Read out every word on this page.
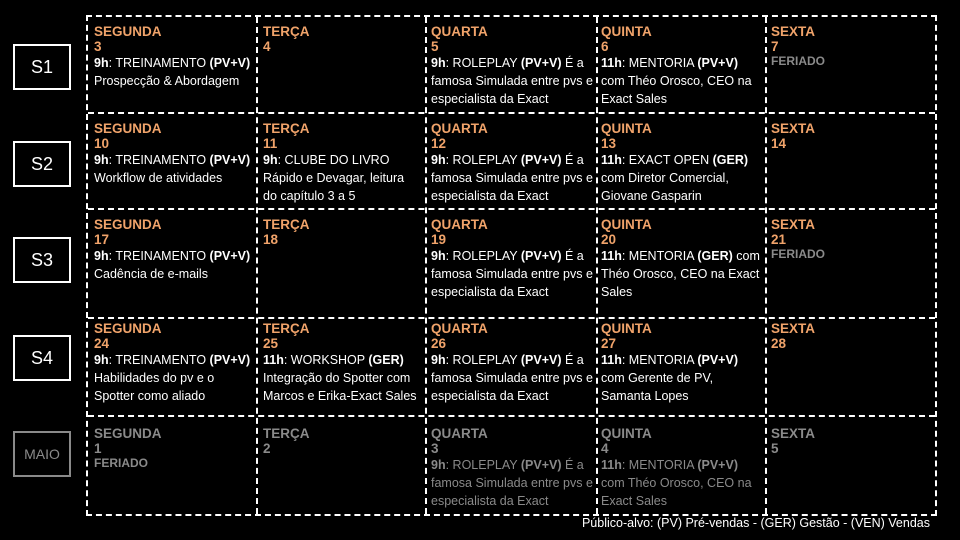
S1
S2
S3
S4
MAIO
SEGUNDA
3
9h: TREINAMENTO (PV+V)
Prospecção & Abordagem
TERÇA
4
QUARTA
5
9h: ROLEPLAY (PV+V) É a
famosa Simulada entre pvs e
especialista da Exact
QUINTA
6
11h: MENTORIA (PV+V)
com Théo Orosco, CEO na
Exact Sales
SEXTA
7
FERIADO
SEGUNDA
10
9h: TREINAMENTO (PV+V)
Workflow de atividades
TERÇA
11
9h: CLUBE DO LIVRO
Rápido e Devagar, leitura
do capítulo 3 a 5
QUARTA
12
9h: ROLEPLAY (PV+V) É a
famosa Simulada entre pvs e
especialista da Exact
QUINTA
13
11h: EXACT OPEN (GER)
com Diretor Comercial,
Giovane Gasparin
SEXTA
14
SEGUNDA
17
9h: TREINAMENTO (PV+V)
Cadência de e-mails
TERÇA
18
QUARTA
19
9h: ROLEPLAY (PV+V) É a
famosa Simulada entre pvs e
especialista da Exact
QUINTA
20
11h: MENTORIA (GER) com
Théo Orosco, CEO na Exact
Sales
SEXTA
21
FERIADO
SEGUNDA
24
9h: TREINAMENTO (PV+V)
Habilidades do pv e o
Spotter como aliado
TERÇA
25
11h: WORKSHOP (GER)
Integração do Spotter com
Marcos e Erika-Exact Sales
QUARTA
26
9h: ROLEPLAY (PV+V) É a
famosa Simulada entre pvs e
especialista da Exact
QUINTA
27
11h: MENTORIA (PV+V)
com Gerente de PV,
Samanta Lopes
SEXTA
28
SEGUNDA
1
FERIADO
TERÇA
2
QUARTA
3
9h: ROLEPLAY (PV+V) É a
famosa Simulada entre pvs e
especialista da Exact
QUINTA
4
11h: MENTORIA (PV+V)
com Théo Orosco, CEO na
Exact Sales
SEXTA
5
Público-alvo: (PV) Pré-vendas - (GER) Gestão - (VEN) Vendas
